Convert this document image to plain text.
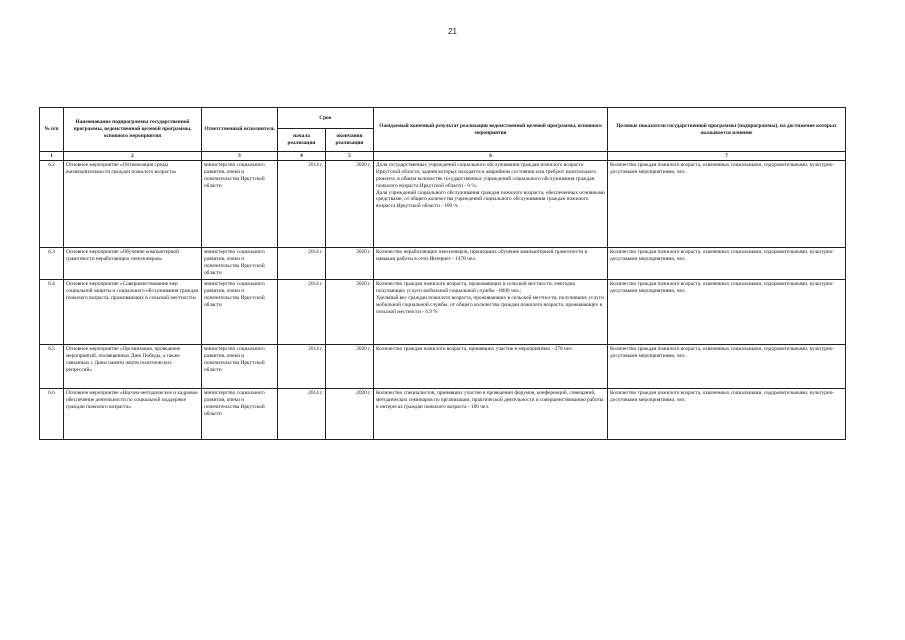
21
№ п/п	Наименование подпрограммы государственной программы, ведомственной целевой программы, основного мероприятия	Ответственный исполнитель	Срок		Ожидаемый конечный результат реализации ведомственной целевой программы, основного мероприятия	Целевые показатели государственной программы (подпрограммы), на достижение которых оказывается влияние
			начала реализации	окончания реализации		
1	2	3	4	5	6	7
6.2	Основное мероприятие «Оптимизация среды жизнедеятельности граждан пожилого возраста»	министерство социального развития, опеки и попечительства Иркутской области	2014 г.	2020 г.	Доля государственных учреждений социального обслуживания граждан пожилого возраста Иркутской области, здания которых находятся в аварийном состоянии или требуют капитального ремонта, в общем количестве государственных учреждений социального обслуживания граждан пожилого возраста Иркутской области - 0 %.
Доля учреждений социального обслуживания граждан пожилого возраста, обеспеченных основными средствами, от общего количества учреждений социального обслуживания граждан пожилого возраста Иркутской области - 100 %	Количество граждан пожилого возраста, охваченных социальными, оздоровительными, культурно-досуговыми мероприятиями, чел.
6.3	Основное мероприятие «Обучение компьютерной грамотности неработающих пенсионеров»	министерство социального развития, опеки и попечительства Иркутской области	2014 г.	2020 г.	Количество неработающих пенсионеров, прошедших обучение компьютерной грамотности и навыкам работы в сети Интернет - 1478 чел.	Количество граждан пожилого возраста, охваченных социальными, оздоровительными, культурно-досуговыми мероприятиями, чел.
6.4	Основное мероприятие «Совершенствование мер социальной защиты и социального обслуживания граждан пожилого возраста, проживающих в сельской местности»	министерство социального развития, опеки и попечительства Иркутской области	2014 г.	2020 г.	Количество граждан пожилого возраста, проживающих в сельской местности, ежегодно получающих услуги мобильной социальной службы - 8000 чел.;
Удельный вес граждан пожилого возраста, проживающих в сельской местности, получивших услуги мобильной социальной службы, от общего количества граждан пожилого возраста, проживающих в сельской местности - 6.9 %	Количество граждан пожилого возраста, охваченных социальными, оздоровительными, культурно-досуговыми мероприятиями, чел.
6.5	Основное мероприятие «Организация, проведение мероприятий, посвященных Дню Победы, а также связанных с Днем памяти жертв политических репрессий»	министерство социального развития, опеки и попечительства Иркутской области	2014 г.	2020 г.	Количество граждан пожилого возраста, принявших участие в мероприятиях - 278 чел.	Количество граждан пожилого возраста, охваченных социальными, оздоровительными, культурно-досуговыми мероприятиями, чел.
6.6	Основное мероприятие «Научно-методическое и кадровое обеспечение деятельности по социальной поддержке граждан пожилого возраста»	министерство социального развития, опеки и попечительства Иркутской области	2014 г.	2020 г.	Количество специалистов, принявших участие в проведении форумов, конференций, совещаний, методических семинаров по организации, практической деятельности и совершенствованию работы в интересах граждан пожилого возраста - 100 чел.	Количество граждан пожилого возраста, охваченных социальными, оздоровительными, культурно-досуговыми мероприятиями, чел.
